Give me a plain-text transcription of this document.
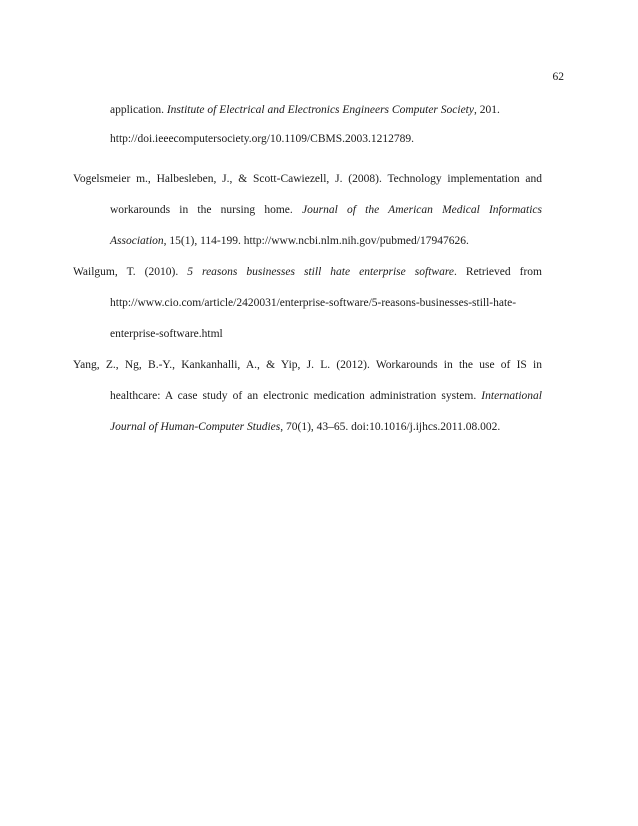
62
application. Institute of Electrical and Electronics Engineers Computer Society, 201.
http://doi.ieeecomputersociety.org/10.1109/CBMS.2003.1212789.
Vogelsmeier m., Halbesleben, J., & Scott-Cawiezell, J. (2008). Technology implementation and
workarounds in the nursing home. Journal of the American Medical Informatics
Association, 15(1), 114-199. http://www.ncbi.nlm.nih.gov/pubmed/17947626.
Wailgum, T. (2010). 5 reasons businesses still hate enterprise software. Retrieved from
http://www.cio.com/article/2420031/enterprise-software/5-reasons-businesses-still-hate-
enterprise-software.html
Yang, Z., Ng, B.-Y., Kankanhalli, A., & Yip, J. L. (2012). Workarounds in the use of IS in
healthcare: A case study of an electronic medication administration system. International
Journal of Human-Computer Studies, 70(1), 43–65. doi:10.1016/j.ijhcs.2011.08.002.
